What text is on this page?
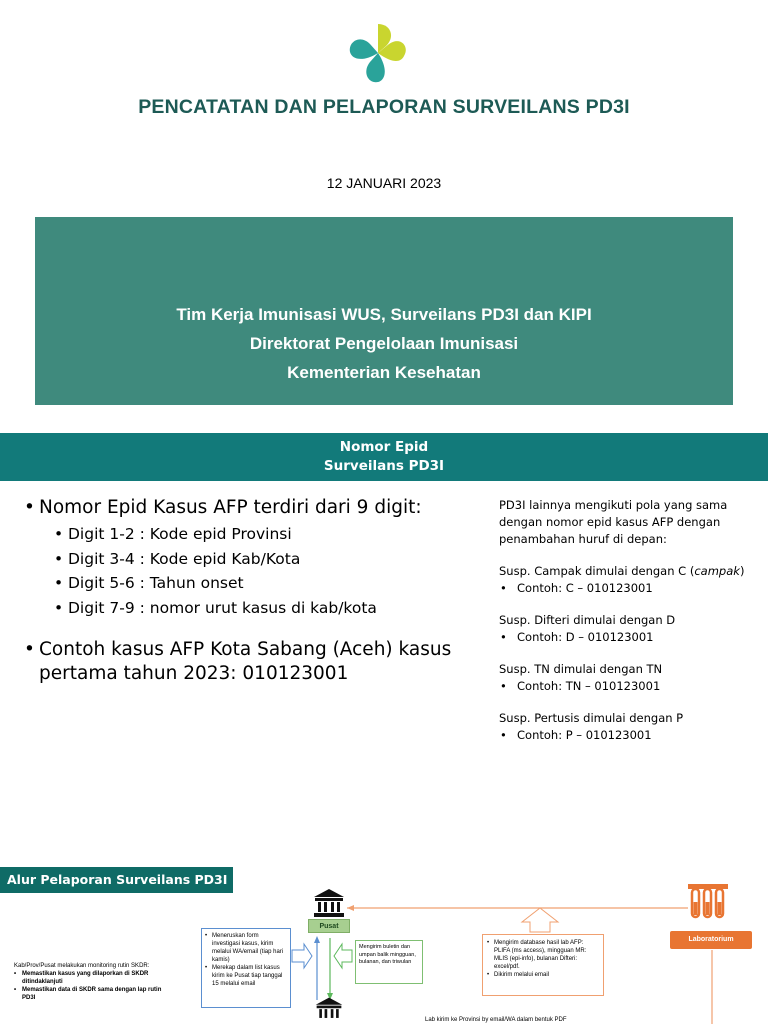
PENCATATAN DAN PELAPORAN SURVEILANS PD3I
12 JANUARI 2023
Tim Kerja Imunisasi WUS, Surveilans PD3I dan KIPI
Direktorat Pengelolaan Imunisasi
Kementerian Kesehatan
Nomor Epid
Surveilans PD3I
• Nomor Epid Kasus AFP terdiri dari 9 digit:
• Digit 1-2 : Kode epid Provinsi
• Digit 3-4 : Kode epid Kab/Kota
• Digit 5-6 : Tahun onset
• Digit 7-9 : nomor urut kasus di kab/kota
• Contoh kasus AFP Kota Sabang (Aceh) kasus pertama tahun 2023: 010123001

PD3I lainnya mengikuti pola yang sama dengan nomor epid kasus AFP dengan penambahan huruf di depan:

Susp. Campak dimulai dengan C (campak)

• Contoh: C – 010123001

Susp. Difteri dimulai dengan D

• Contoh: D – 010123001

Susp. TN dimulai dengan TN

• Contoh: TN – 010123001

Susp. Pertusis dimulai dengan P

• Contoh: P – 010123001

Alur Pelaporan Surveilans PD3I
Pusat
Laboratorium
Kab/Prov/Pusat melakukan monitoring rutin SKDR:
• Memastikan kasus yang dilaporkan di SKDR ditindaklanjuti
• Memastikan data di SKDR sama dengan lap rutin PD3I
• Meneruskan form investigasi kasus, kirim melalui WA/email (tiap hari kamis)
• Merekap dalam list kasus kirim ke Pusat tiap tanggal 15 melalui email
Mengirim buletin dan umpan balik mingguan, bulanan, dan triwulan
• Mengirim database hasil lab AFP: PLIFA (ms access), mingguan MR: MLIS (epi-info), bulanan Difteri: excel/pdf.
• Dikirim melalui email
Lab kirim ke Provinsi by email/WA dalam bentuk PDF
